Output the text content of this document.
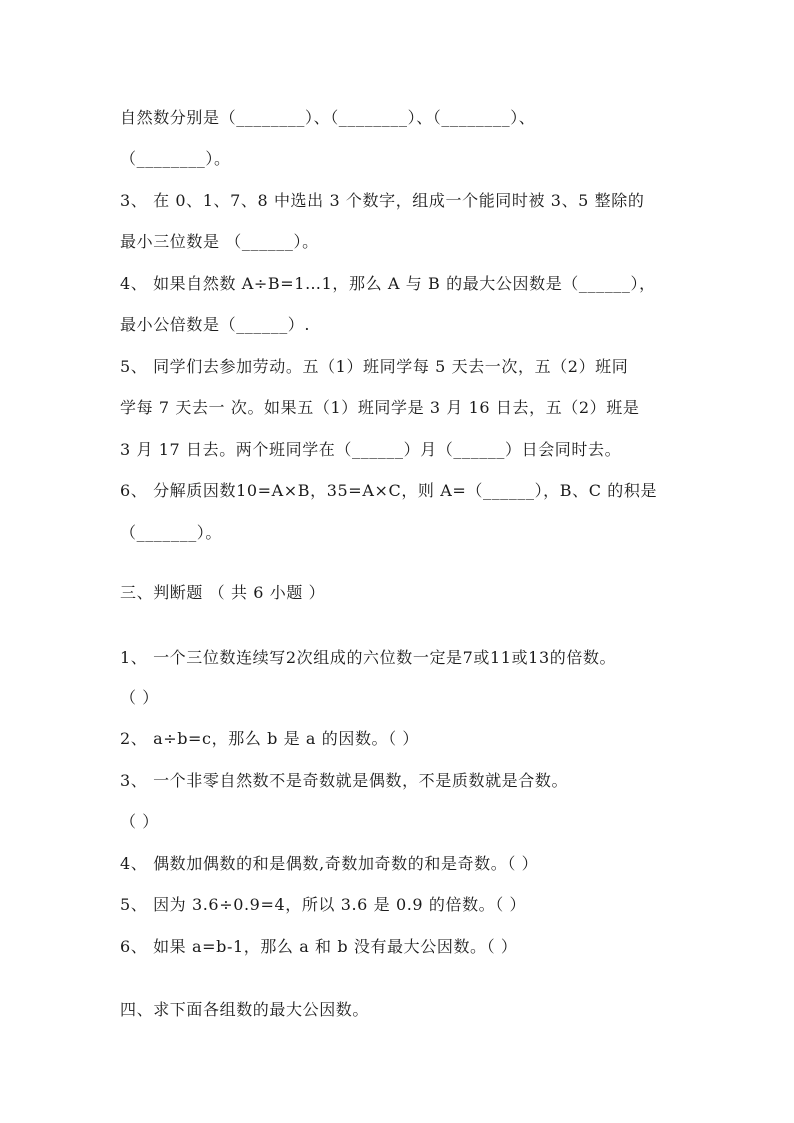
自然数分别是（________）、（________）、（________）、
（________）。
3、 在 0、1、7、8 中选出 3 个数字，组成一个能同时被 3、5 整除的
最小三位数是 （______）。
4、 如果自然数 A÷B=1…1，那么 A 与 B 的最大公因数是（______），
最小公倍数是（______）.
5、 同学们去参加劳动。五（1）班同学每 5 天去一次，五（2）班同
学每 7 天去一 次。如果五（1）班同学是 3 月 16 日去，五（2）班是
3 月 17 日去。两个班同学在（______）月（______）日会同时去。
6、 分解质因数10=A×B，35=A×C，则 A=（______），B、C 的积是
（_______）。
三、判断题 （ 共 6 小题 ）
1、 一个三位数连续写2次组成的六位数一定是7或11或13的倍数。
（ ）
2、 a÷b=c，那么 b 是 a 的因数。（ ）
3、 一个非零自然数不是奇数就是偶数，不是质数就是合数。
（ ）
4、 偶数加偶数的和是偶数,奇数加奇数的和是奇数。（ ）
5、 因为 3.6÷0.9=4，所以 3.6 是 0.9 的倍数。（ ）
6、 如果 a=b-1，那么 a 和 b 没有最大公因数。（ ）
四、求下面各组数的最大公因数。
